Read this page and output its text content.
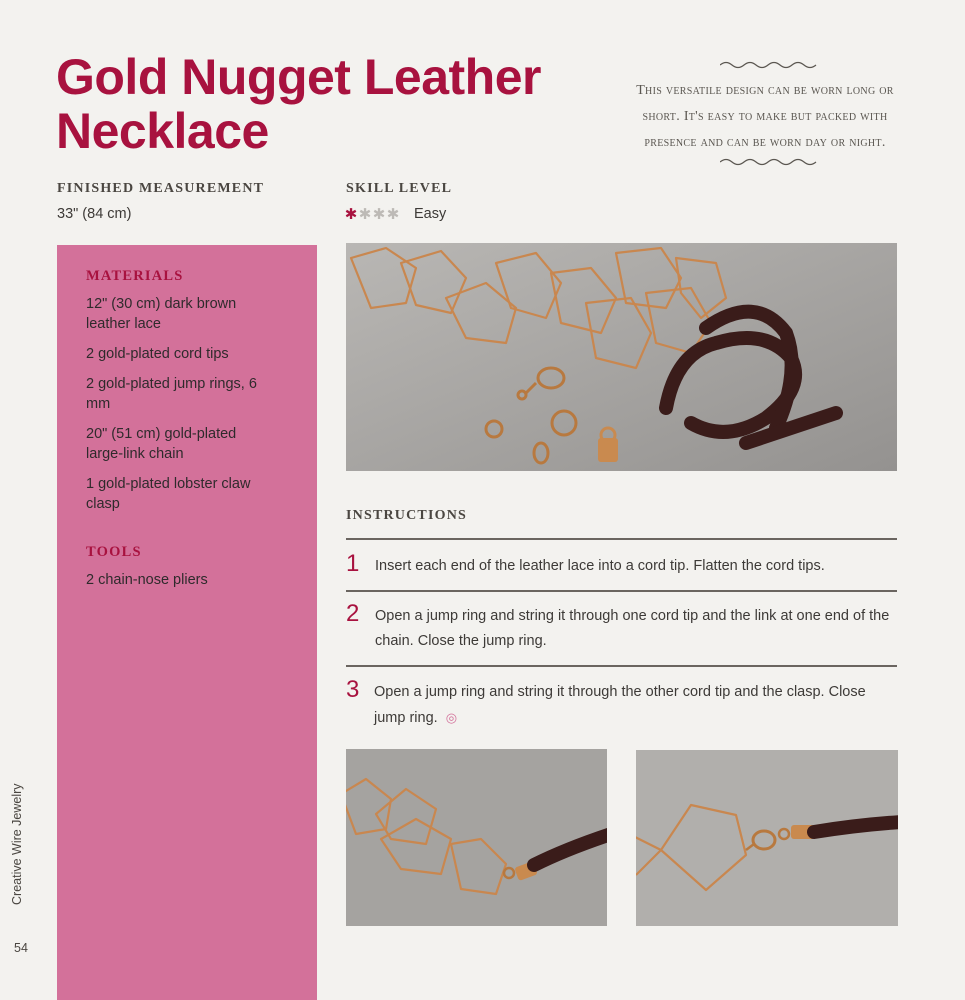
Gold Nugget Leather
Necklace
This versatile design can be worn long or short. It's easy to make but packed with presence and can be worn day or night.
FINISHED MEASUREMENT
33" (84 cm)
SKILL LEVEL
✱ ✱ ✱ ✱ Easy
MATERIALS
12" (30 cm) dark brown leather lace
2 gold-plated cord tips
2 gold-plated jump rings, 6 mm
20" (51 cm) gold-plated large-link chain
1 gold-plated lobster claw clasp
TOOLS
2 chain-nose pliers
INSTRUCTIONS
1 Insert each end of the leather lace into a cord tip. Flatten the cord tips.
2 Open a jump ring and string it through one cord tip and the link at one end of the chain. Close the jump ring.
3 Open a jump ring and string it through the other cord tip and the clasp. Close jump ring. ◎
Creative Wire Jewelry
54
